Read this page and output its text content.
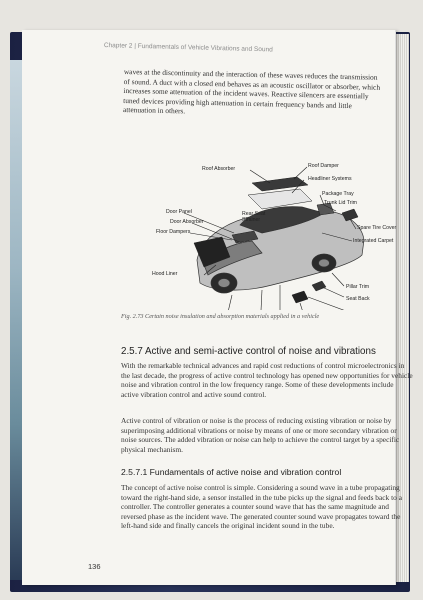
Chapter 2 | Fundamentals of Vehicle Vibrations and Sound

waves at the discontinuity and the interaction of these waves reduces the transmission of sound. A duct with a closed end behaves as an acoustic oscillator or absorber, which increases some attenuation of the incident waves. Reactive silencers are essentially tuned devices providing high attenuation in certain frequency bands and little attenuation in others.

Roof Absorber	Roof Damper
Headliner Systems
Package Tray
Trunk Lid Trim
Door Panel	Rear Seat Strainer
Door Absorber
Floor Dampers
Spare Tire Cover
Integrated Carpet
Hood Liner
Pillar Trim
Seat Back
Fig. 2.73 Certain noise insulation and absorption materials applied in a vehicle
2.5.7 Active and semi-active control of noise and vibrations

With the remarkable technical advances and rapid cost reductions of control microelectronics in the last decade, the progress of active control technology has opened new opportunities for vehicle noise and vibration control in the low frequency range. Some of these developments include active vibration control and active sound control.

Active control of vibration or noise is the process of reducing existing vibration or noise by superimposing additional vibrations or noise by means of one or more secondary vibration or noise sources. The added vibration or noise can help to achieve the control target by a specific physical mechanism.

2.5.7.1 Fundamentals of active noise and vibration control

The concept of active noise control is simple. Considering a sound wave in a tube propagating toward the right-hand side, a sensor installed in the tube picks up the signal and feeds back to a controller. The controller generates a counter sound wave that has the same magnitude and reversed phase as the incident wave. The generated counter sound wave propagates toward the left-hand side and finally cancels the original incident sound in the tube.

136
